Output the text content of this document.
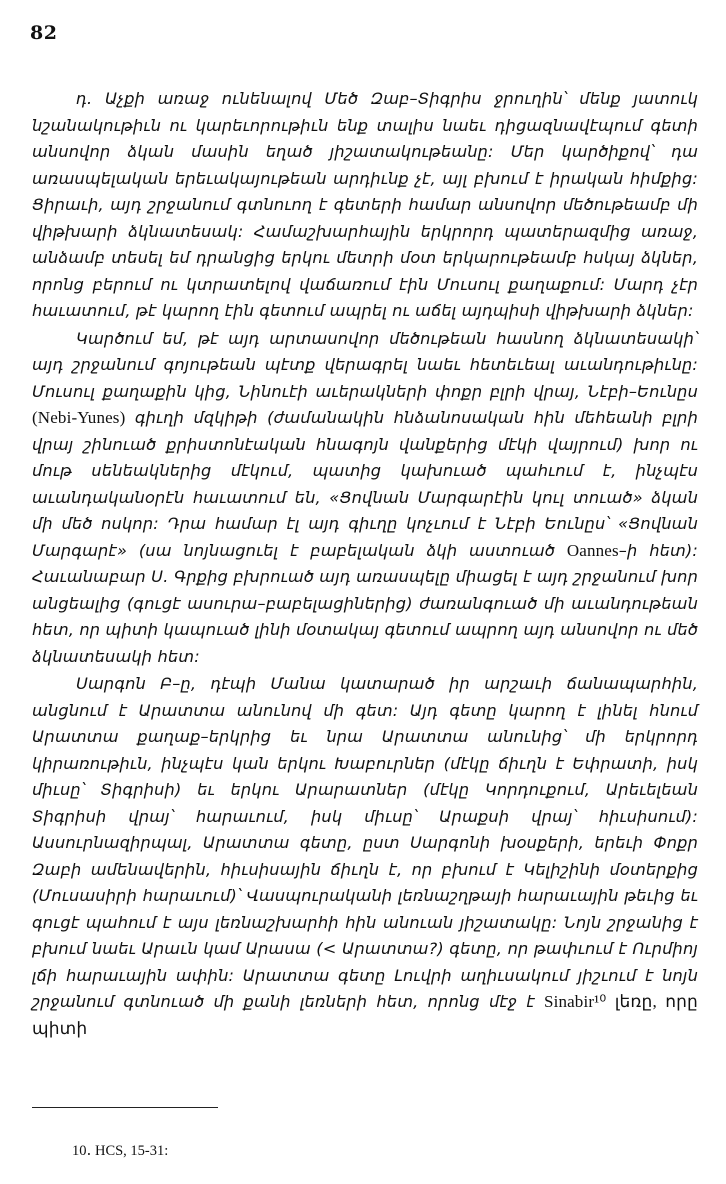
82

դ․ Աչքի առաջ ունենալով Մեծ Զաբ–Տիգրիս ջրուղին՝ մենք յատուկ նշանակութիւն ու կարեւորութիւն ենք տալիս նաեւ դիցազնավէպում գետի անսովոր ձկան մասին եղած յիշատակութեանը: Մեր կարծիքով՝ դա առասպելական երեւակայութեան արդիւնք չէ, այլ բխում է իրական հիմքից: Ցիրաւի, այդ շրջանում գտնուող է գետերի համար անսովոր մեծութեամբ մի վիթխարի ձկնատեսակ: Համաշխարհային երկրորդ պատերազմից առաջ, անձամբ տեսել եմ դրանցից երկու մետրի մօտ երկարութեամբ հսկայ ձկներ, որոնց բերում ու կտրատելով վաճառում էին Մուսուլ քաղաքում: Մարդ չէր հաւատում, թէ կարող էին գետում ապրել ու աճել այդպիսի վիթխարի ձկներ:

Կարծում եմ, թէ այդ արտասովոր մեծութեան հասնող ձկնատեսակի՝ այդ շրջանում գոյութեան պէտք վերագրել նաեւ հետեւեալ աւանդութիւնը: Մուսուլ քաղաքին կից, Նինուէի աւերակների փոքր բլրի վրայ, Նէբի–Եունըս (Nebi-Yunes) գիւղի մզկիթի (ժամանակին հնձանոսական հին մեհեանի բլրի վրայ շինուած քրիստոնէական հնագոյն վանքերից մէկի վայրում) խոր ու մութ սենեակներից մէկում, պատից կախուած պահւում է, ինչպէս աւանդականօրէն հաւատում են, «Ցովնան Մարգարէին կուլ տուած» ձկան մի մեծ ոսկոր: Դրա համար էլ այդ գիւղը կոչւում է Նէբի Եունըս՝ «Ցովնան Մարգարէ» (սա նոյնացուել է բաբելական ձկի աստուած Oannes–ի հետ): Հաւանաբար Ս․ Գրքից բխրուած այդ առասպելը միացել է այդ շրջանում խոր անցեալից (գուցէ ասուրա–բաբելացիներից) ժառանգուած մի աւանդութեան հետ, որ պիտի կապուած լինի մօտակայ գետում ապրող այդ անսովոր ու մեծ ձկնատեսակի հետ:

Սարգոն Բ–ը, դէպի Մանա կատարած իր արշաւի ճանապարհին, անցնում է Արատտա անունով մի գետ: Այդ գետը կարող է լինել հնում Արատտա քաղաք–երկրից եւ նրա Արատտա անունից՝ մի երկրորդ կիրառութիւն, ինչպէս կան երկու Խաբուրներ (մէկը ճիւղն է Եփրատի, իսկ միւսը՝ Տիգրիսի) եւ երկու Արարատներ (մէկը Կորդուքում, Արեւելեան Տիգրիսի վրայ՝ հարաւում, իսկ միւսը՝ Արաքսի վրայ՝ հիւսիսում): Ասսուրնազիրպալ, Արատտա գետը, ըստ Սարգոնի խօսքերի, երեւի Փոքր Զաբի ամենավերին, հիւսիսային ճիւղն է, որ բխում է Կելիշինի մօտերքից (Մուսասիրի հարաւում)՝ Վասպուրականի լեռնաշղթայի հարաւային թեւից եւ գուցէ պահում է այս լեռնաշխարհի հին անուան յիշատակը: Նոյն շրջանից է բխում նաեւ Արաւն կամ Արասա (< Արատտա?) գետը, որ թափւում է Ուրմիոյ լճի հարաւային ափին: Արատտա գետը Լուվրի աղիւսակում յիշւում է նոյն շրջանում գտնուած մի քանի լեռների հետ, որոնց մէջ է Sinabir¹⁰ լեռը, որը պիտի

10․ HCS, 15-31:
